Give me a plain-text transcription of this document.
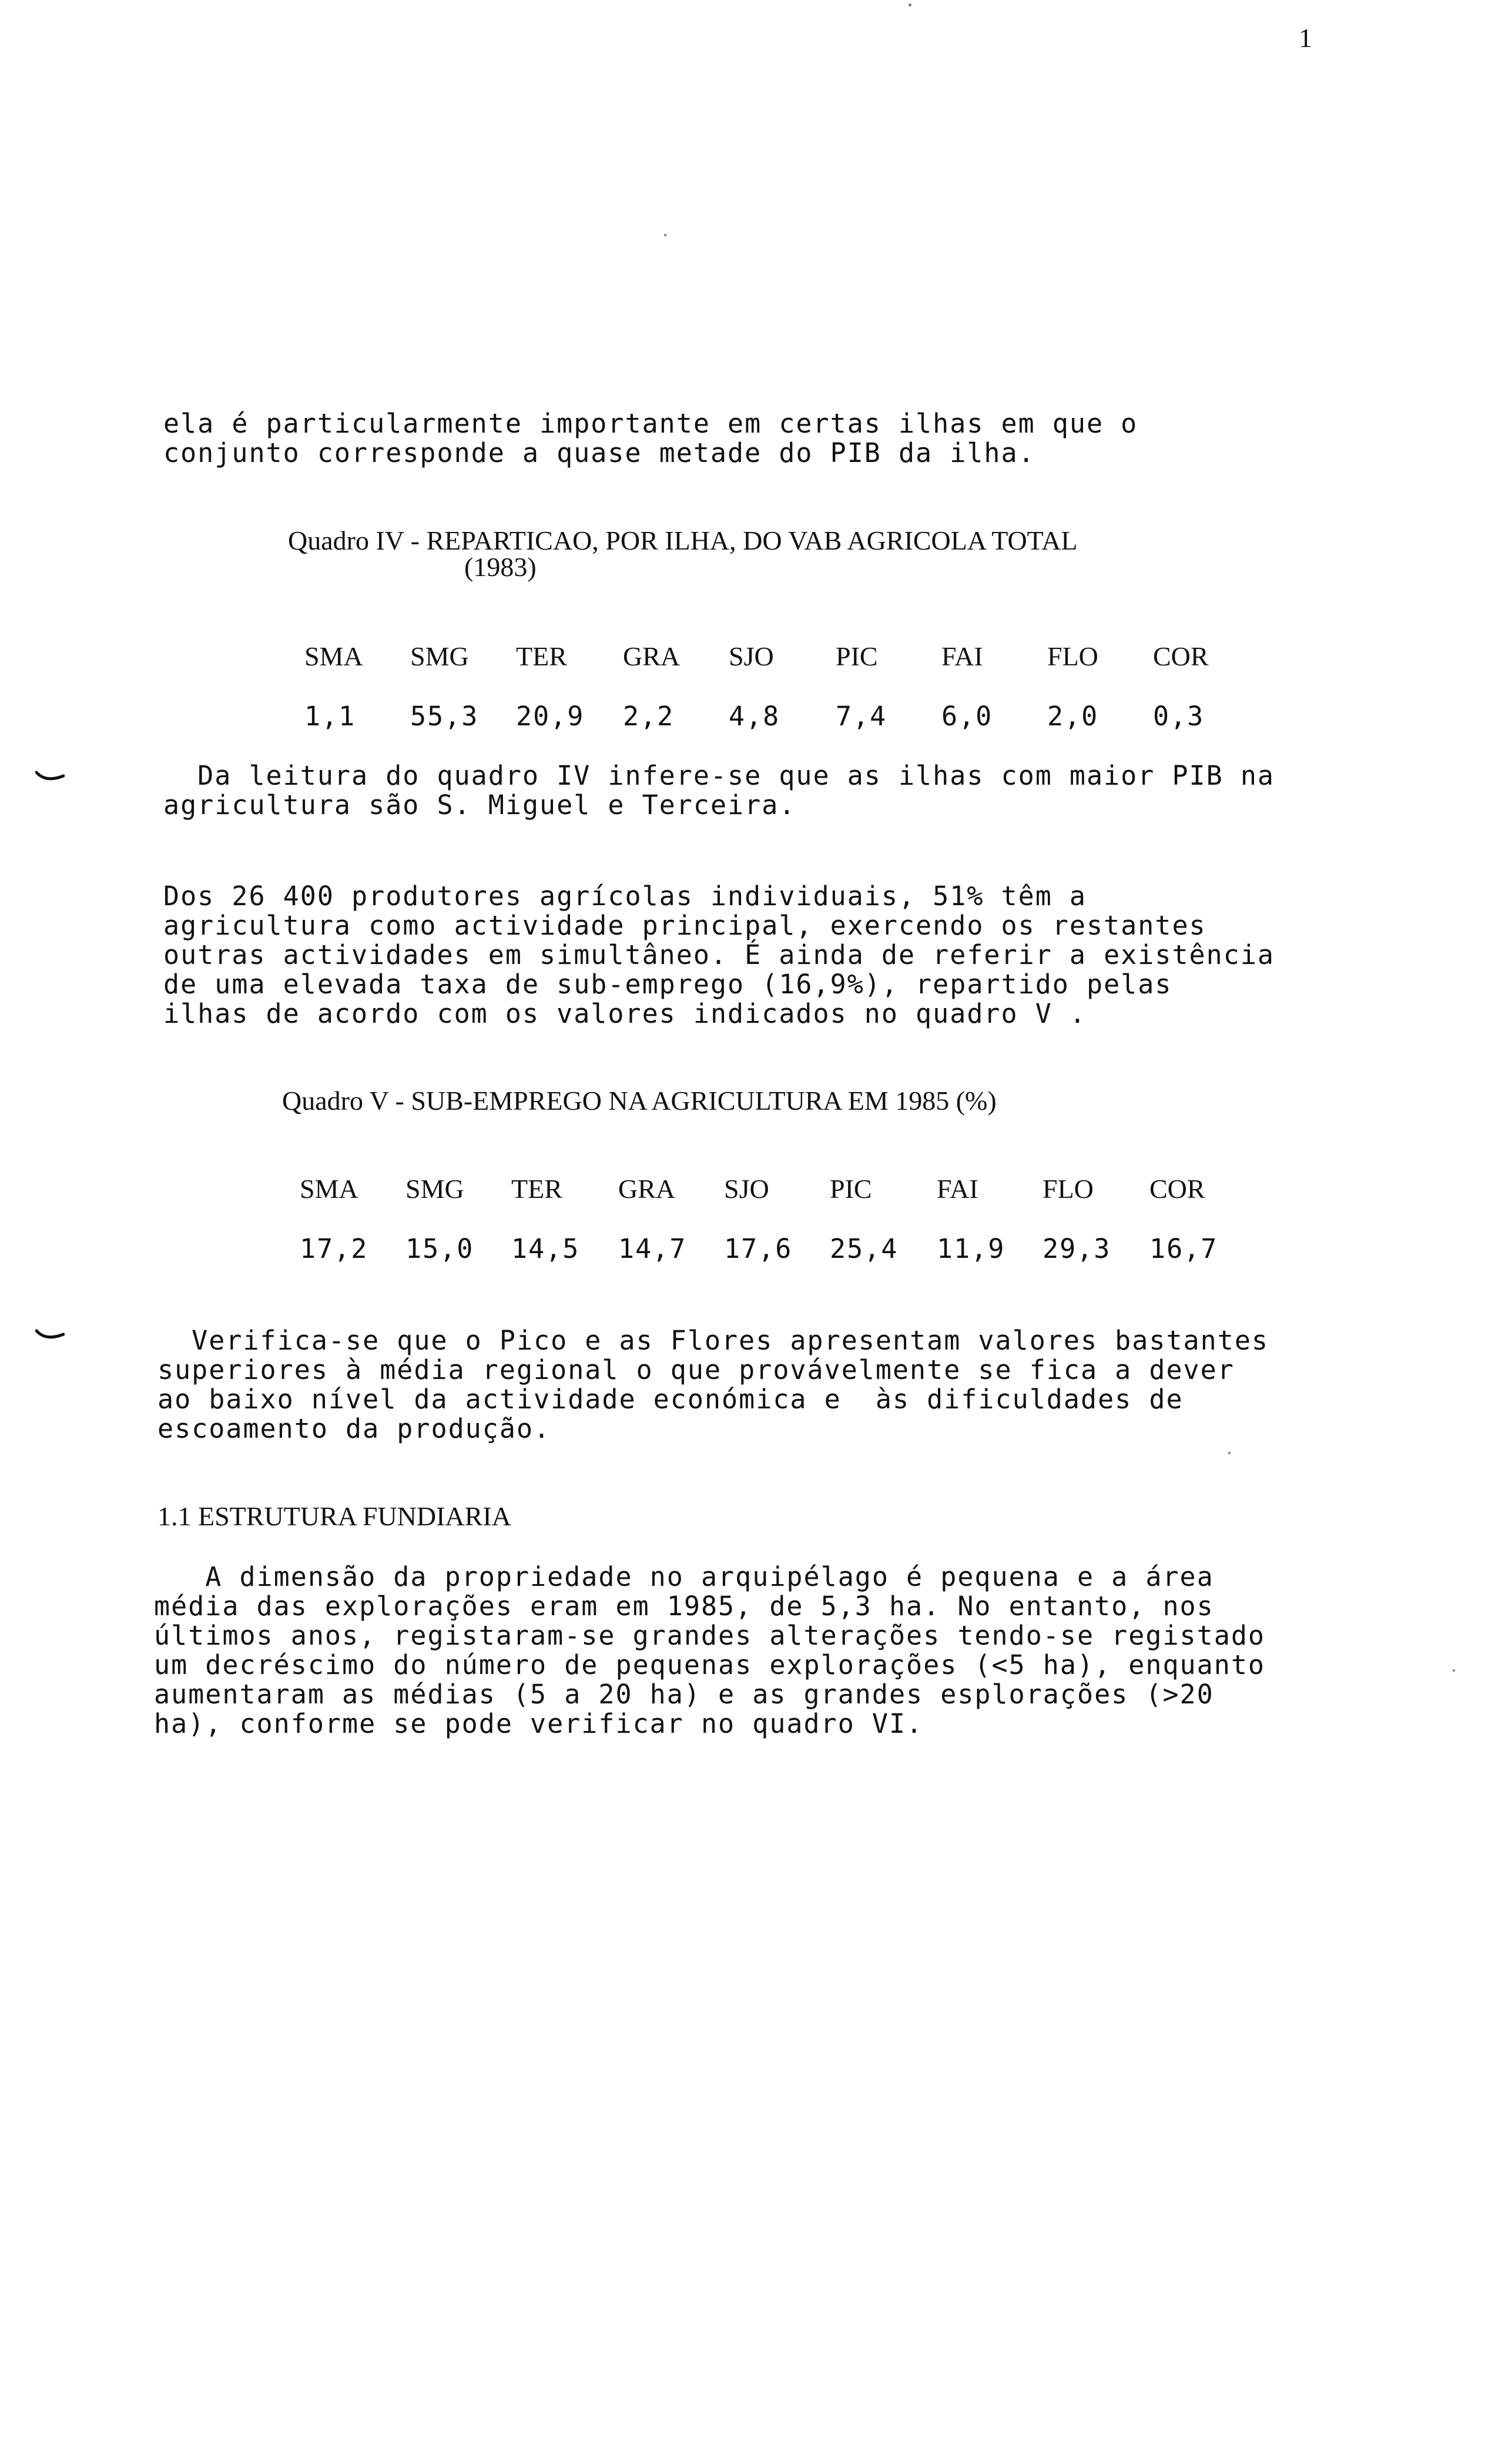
1
ela é particularmente importante em certas ilhas em que o
conjunto corresponde a quase metade do PIB da ilha.
Quadro IV - REPARTICAO, POR ILHA, DO VAB AGRICOLA TOTAL
(1983)
SMA SMG TER GRA SJO PIC FAI FLO COR
1,1 55,3 20,9 2,2 4,8 7,4 6,0 2,0 0,3
Da leitura do quadro IV infere-se que as ilhas com maior PIB na
agricultura são S. Miguel e Terceira.
Dos 26 400 produtores agrícolas individuais, 51% têm a
agricultura como actividade principal, exercendo os restantes
outras actividades em simultâneo. É ainda de referir a existência
de uma elevada taxa de sub-emprego (16,9%), repartido pelas
ilhas de acordo com os valores indicados no quadro V .
Quadro V - SUB-EMPREGO NA AGRICULTURA EM 1985 (%)
SMA SMG TER GRA SJO PIC FAI FLO COR
17,2 15,0 14,5 14,7 17,6 25,4 11,9 29,3 16,7
Verifica-se que o Pico e as Flores apresentam valores bastantes
superiores à média regional o que provávelmente se fica a dever
ao baixo nível da actividade económica e  às dificuldades de
escoamento da produção.
1.1 ESTRUTURA FUNDIARIA
A dimensão da propriedade no arquipélago é pequena e a área
média das explorações eram em 1985, de 5,3 ha. No entanto, nos
últimos anos, registaram-se grandes alterações tendo-se registado
um decréscimo do número de pequenas explorações (<5 ha), enquanto
aumentaram as médias (5 a 20 ha) e as grandes esplorações (>20
ha), conforme se pode verificar no quadro VI.
